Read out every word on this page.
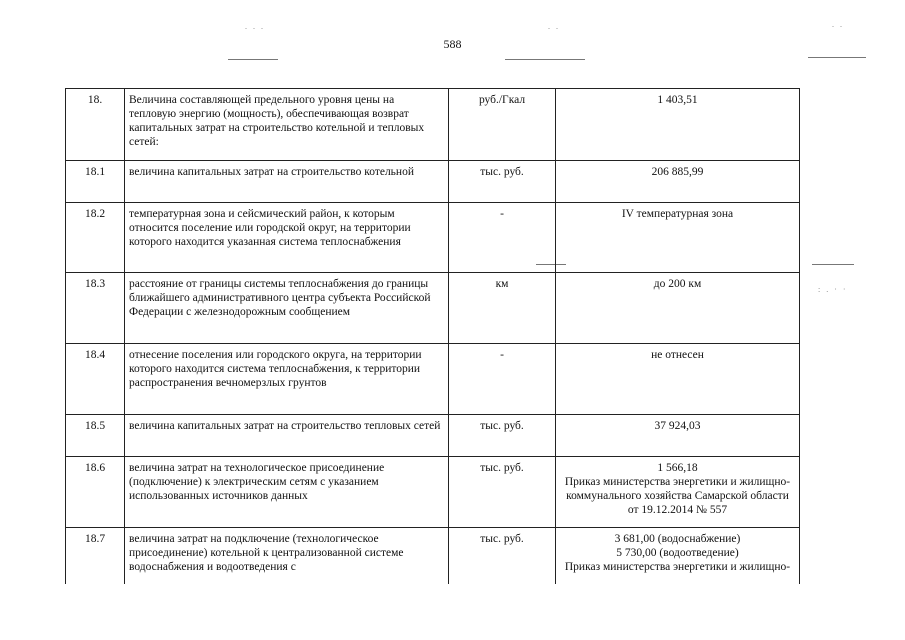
. . .	. .	. .
: . · ·
588
18.	Величина составляющей предельного уровня цены на тепловую энергию (мощность), обеспечивающая возврат капитальных затрат на строительство котельной и тепловых сетей:	руб./Гкал	1 403,51

18.1	величина капитальных затрат на строительство котельной	тыс. руб.	206 885,99

18.2	температурная зона и сейсмический район, к которым относится поселение или городской округ, на территории которого находится указанная система теплоснабжения	-	IV температурная зона

18.3	расстояние от границы системы теплоснабжения до границы ближайшего административного центра субъекта Российской Федерации с железнодорожным сообщением	км	до 200 км

18.4	отнесение поселения или городского округа, на территории которого находится система теплоснабжения, к территории распространения вечномерзлых грунтов	-	не отнесен

18.5	величина капитальных затрат на строительство тепловых сетей	тыс. руб.	37 924,03

18.6	величина затрат на технологическое присоединение (подключение) к электрическим сетям с указанием использованных источников данных	тыс. руб.	1 566,18
Приказ министерства энергетики и жилищно-коммунального хозяйства Самарской области от 19.12.2014 № 557

18.7	величина затрат на подключение (технологическое присоединение) котельной к централизованной системе водоснабжения и водоотведения с	тыс. руб.	3 681,00 (водоснабжение)
5 730,00 (водоотведение)
Приказ министерства энергетики и жилищно-
